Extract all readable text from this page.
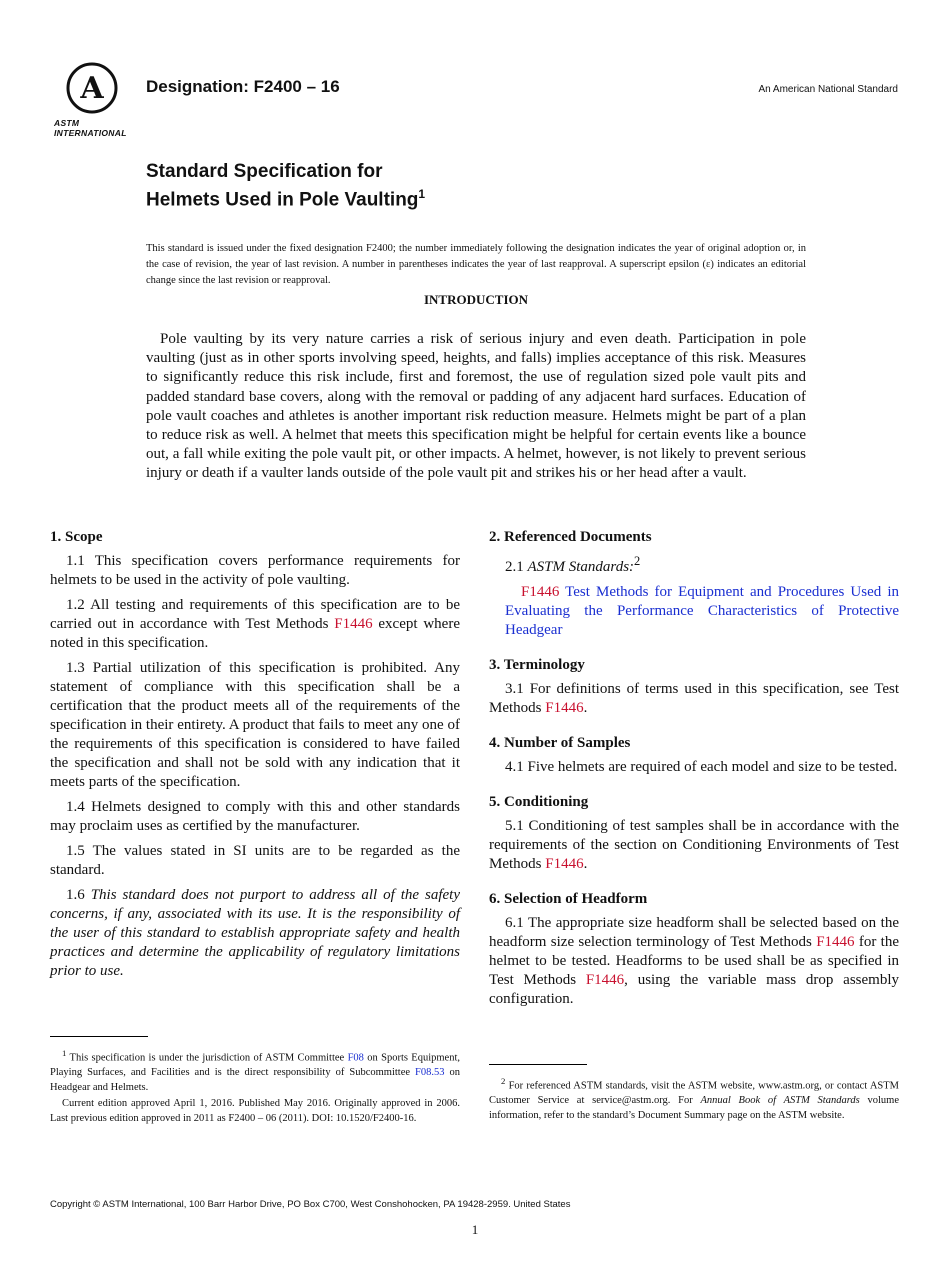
A
ASTM INTERNATIONAL
Designation: F2400 – 16	An American National Standard
Standard Specification for
Helmets Used in Pole Vaulting$^1$
This standard is issued under the fixed designation F2400; the number immediately following the designation indicates the year of original adoption or, in the case of revision, the year of last revision. A number in parentheses indicates the year of last reapproval. A superscript epsilon (ε) indicates an editorial change since the last revision or reapproval.
INTRODUCTION
Pole vaulting by its very nature carries a risk of serious injury and even death. Participation in pole vaulting (just as in other sports involving speed, heights, and falls) implies acceptance of this risk. Measures to significantly reduce this risk include, first and foremost, the use of regulation sized pole vault pits and padded standard base covers, along with the removal or padding of any adjacent hard surfaces. Education of pole vault coaches and athletes is another important risk reduction measure. Helmets might be part of a plan to reduce risk as well. A helmet that meets this specification might be helpful for certain events like a bounce out, a fall while exiting the pole vault pit, or other impacts. A helmet, however, is not likely to prevent serious injury or death if a vaulter lands outside of the pole vault pit and strikes his or her head after a vault.
1. Scope

1.1 This specification covers performance requirements for helmets to be used in the activity of pole vaulting.

1.2 All testing and requirements of this specification are to be carried out in accordance with Test Methods F1446 except where noted in this specification.

1.3 Partial utilization of this specification is prohibited. Any statement of compliance with this specification shall be a certification that the product meets all of the requirements of the specification in their entirety. A product that fails to meet any one of the requirements of this specification is considered to have failed the specification and shall not be sold with any indication that it meets parts of the specification.

1.4 Helmets designed to comply with this and other standards may proclaim uses as certified by the manufacturer.

1.5 The values stated in SI units are to be regarded as the standard.

1.6 This standard does not purport to address all of the safety concerns, if any, associated with its use. It is the responsibility of the user of this standard to establish appropriate safety and health practices and determine the applicability of regulatory limitations prior to use.

$^1$ This specification is under the jurisdiction of ASTM Committee F08 on Sports Equipment, Playing Surfaces, and Facilities and is the direct responsibility of Subcommittee F08.53 on Headgear and Helmets.

Current edition approved April 1, 2016. Published May 2016. Originally approved in 2006. Last previous edition approved in 2011 as F2400 – 06 (2011). DOI: 10.1520/F2400-16.

2. Referenced Documents

2.1 ASTM Standards:$^2$

F1446 Test Methods for Equipment and Procedures Used in Evaluating the Performance Characteristics of Protective Headgear

3. Terminology

3.1 For definitions of terms used in this specification, see Test Methods F1446.

4. Number of Samples

4.1 Five helmets are required of each model and size to be tested.

5. Conditioning

5.1 Conditioning of test samples shall be in accordance with the requirements of the section on Conditioning Environments of Test Methods F1446.

6. Selection of Headform

6.1 The appropriate size headform shall be selected based on the headform size selection terminology of Test Methods F1446 for the helmet to be tested. Headforms to be used shall be as specified in Test Methods F1446, using the variable mass drop assembly configuration.

$^2$ For referenced ASTM standards, visit the ASTM website, www.astm.org, or contact ASTM Customer Service at service@astm.org. For Annual Book of ASTM Standards volume information, refer to the standard’s Document Summary page on the ASTM website.

Copyright © ASTM International, 100 Barr Harbor Drive, PO Box C700, West Conshohocken, PA 19428-2959. United States
1
